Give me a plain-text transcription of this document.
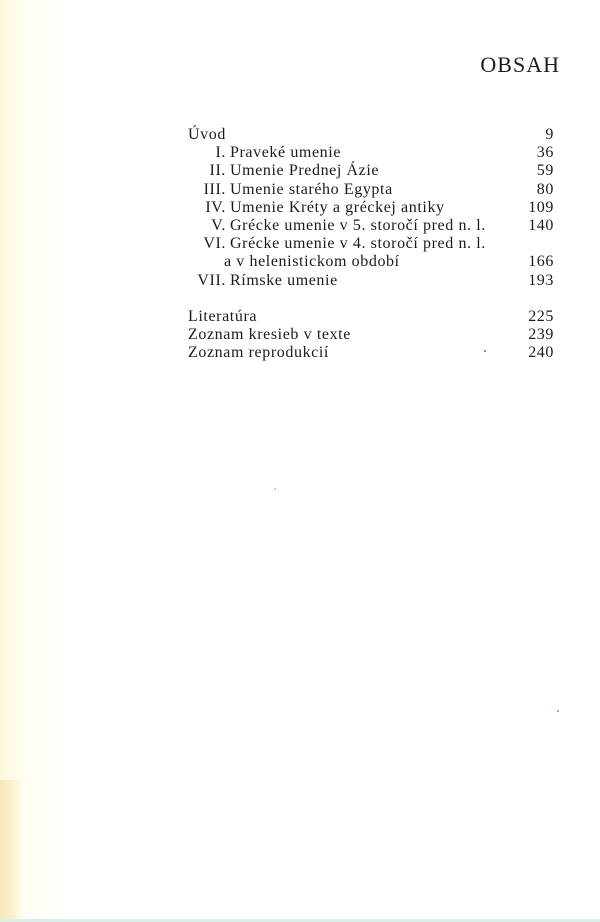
OBSAH
Úvod	9
I. Praveké umenie	36
II. Umenie Prednej Ázie	59
III. Umenie starého Egypta	80
IV. Umenie Kréty a gréckej antiky	109
V. Grécke umenie v 5. storočí pred n. l.	140
VI. Grécke umenie v 4. storočí pred n. l.
a v helenistickom období	166
VII. Rímske umenie	193
Literatúra	225
Zoznam kresieb v texte	239
Zoznam reprodukcií	240
